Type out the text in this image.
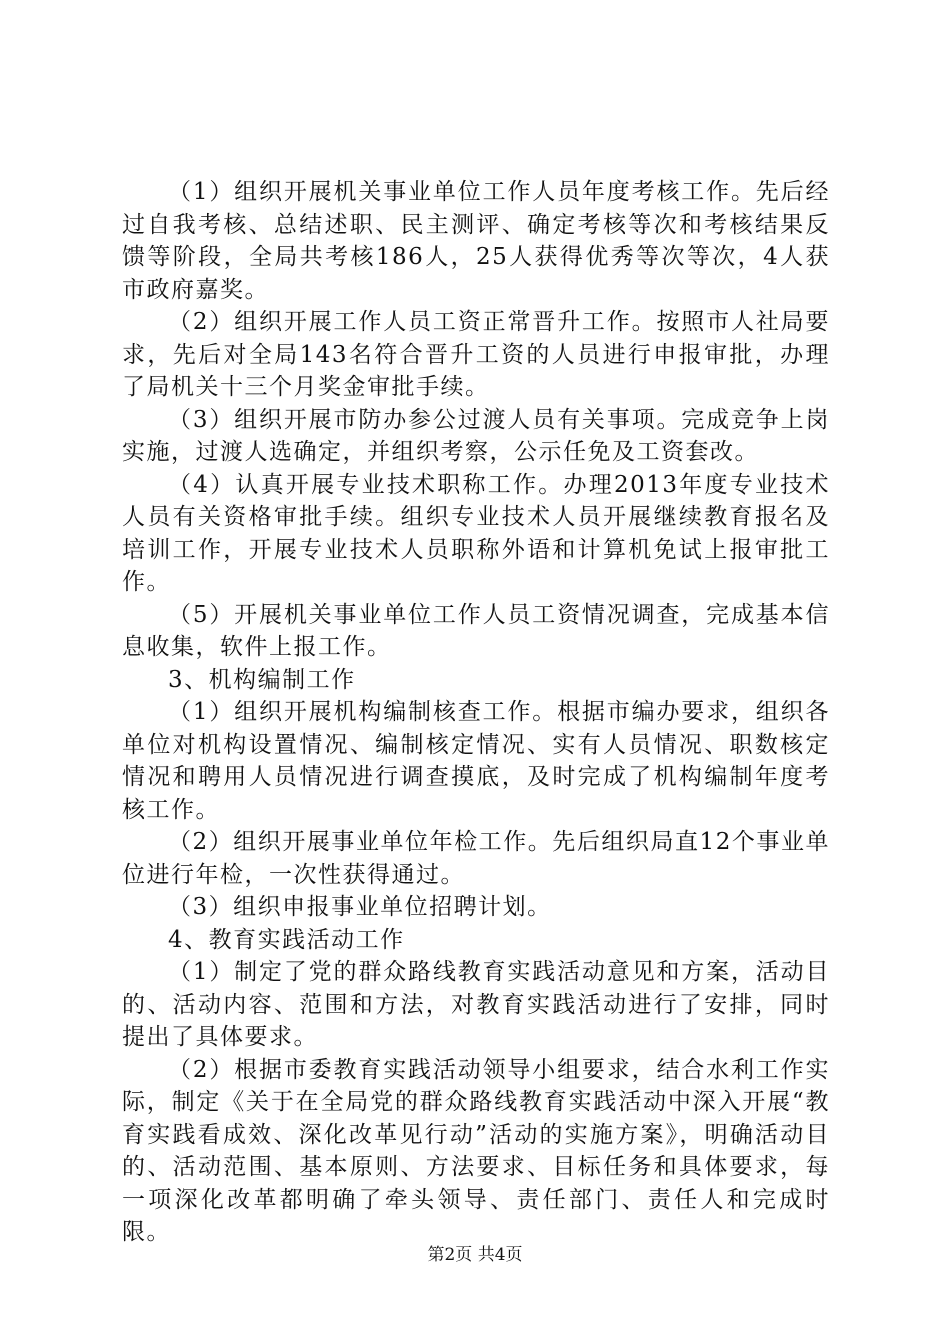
（1）组织开展机关事业单位工作人员年度考核工作。先后经过自我考核、总结述职、民主测评、确定考核等次和考核结果反馈等阶段，全局共考核186人，25人获得优秀等次等次，4人获市政府嘉奖。

（2）组织开展工作人员工资正常晋升工作。按照市人社局要求，先后对全局143名符合晋升工资的人员进行申报审批，办理了局机关十三个月奖金审批手续。

（3）组织开展市防办参公过渡人员有关事项。完成竞争上岗实施，过渡人选确定，并组织考察，公示任免及工资套改。

（4）认真开展专业技术职称工作。办理2013年度专业技术人员有关资格审批手续。组织专业技术人员开展继续教育报名及培训工作，开展专业技术人员职称外语和计算机免试上报审批工作。

（5）开展机关事业单位工作人员工资情况调查，完成基本信息收集，软件上报工作。

3、机构编制工作

（1）组织开展机构编制核查工作。根据市编办要求，组织各单位对机构设置情况、编制核定情况、实有人员情况、职数核定情况和聘用人员情况进行调查摸底，及时完成了机构编制年度考核工作。

（2）组织开展事业单位年检工作。先后组织局直12个事业单位进行年检，一次性获得通过。

（3）组织申报事业单位招聘计划。

4、教育实践活动工作

（1）制定了党的群众路线教育实践活动意见和方案，活动目的、活动内容、范围和方法，对教育实践活动进行了安排，同时提出了具体要求。

（2）根据市委教育实践活动领导小组要求，结合水利工作实际，制定《关于在全局党的群众路线教育实践活动中深入开展“教育实践看成效、深化改革见行动”活动的实施方案》，明确活动目的、活动范围、基本原则、方法要求、目标任务和具体要求，每一项深化改革都明确了牵头领导、责任部门、责任人和完成时限。

第2页 共4页
